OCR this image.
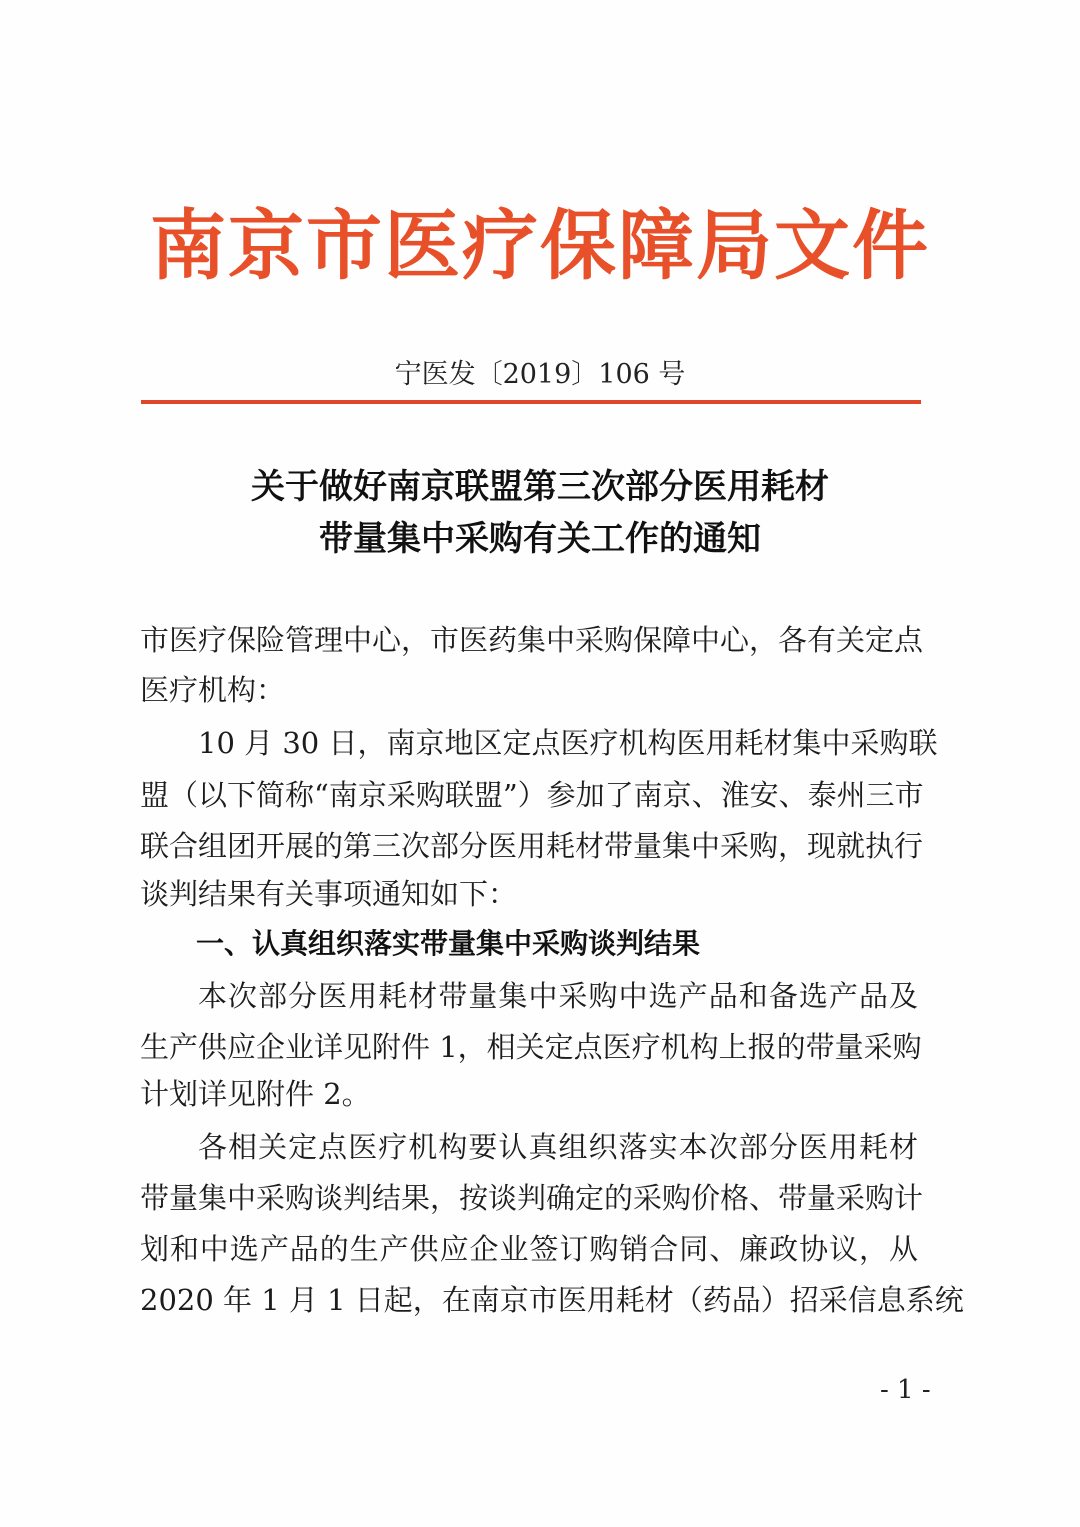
南京市医疗保障局文件
宁医发〔2019〕106 号
关于做好南京联盟第三次部分医用耗材
带量集中采购有关工作的通知
市医疗保险管理中心，市医药集中采购保障中心，各有关定点
医疗机构：
10 月 30 日，南京地区定点医疗机构医用耗材集中采购联
盟（以下简称“南京采购联盟”）参加了南京、淮安、泰州三市
联合组团开展的第三次部分医用耗材带量集中采购，现就执行
谈判结果有关事项通知如下：
一、认真组织落实带量集中采购谈判结果
本次部分医用耗材带量集中采购中选产品和备选产品及
生产供应企业详见附件 1，相关定点医疗机构上报的带量采购
计划详见附件 2。
各相关定点医疗机构要认真组织落实本次部分医用耗材
带量集中采购谈判结果，按谈判确定的采购价格、带量采购计
划和中选产品的生产供应企业签订购销合同、廉政协议，从
2020 年 1 月 1 日起，在南京市医用耗材（药品）招采信息系统
- 1 -
